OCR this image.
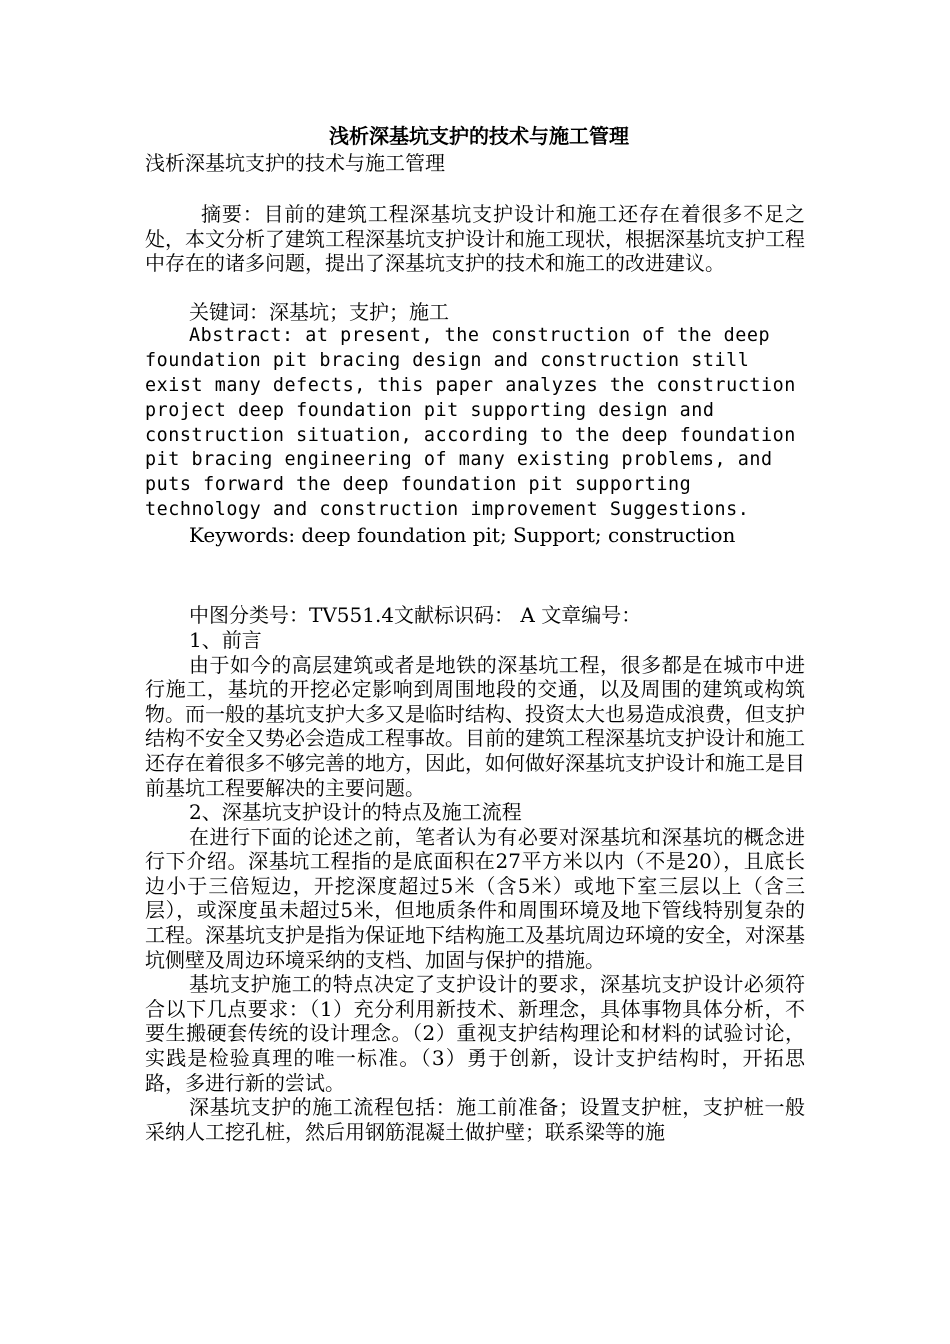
浅析深基坑支护的技术与施工管理

浅析深基坑支护的技术与施工管理

摘要：目前的建筑工程深基坑支护设计和施工还存在着很多不足之处，本文分析了建筑工程深基坑支护设计和施工现状，根据深基坑支护工程中存在的诸多问题，提出了深基坑支护的技术和施工的改进建议。

关键词：深基坑；支护；施工

Abstract: at present, the construction of the deep foundation pit bracing design and construction still exist many defects, this paper analyzes the construction project deep foundation pit supporting design and construction situation, according to the deep foundation pit bracing engineering of many existing problems, and puts forward the deep foundation pit supporting technology and construction improvement Suggestions.

Keywords: deep foundation pit; Support; construction

中图分类号：TV551.4文献标识码： A 文章编号：

1、前言

由于如今的高层建筑或者是地铁的深基坑工程，很多都是在城市中进行施工，基坑的开挖必定影响到周围地段的交通，以及周围的建筑或构筑物。而一般的基坑支护大多又是临时结构、投资太大也易造成浪费，但支护结构不安全又势必会造成工程事故。目前的建筑工程深基坑支护设计和施工还存在着很多不够完善的地方，因此，如何做好深基坑支护设计和施工是目前基坑工程要解决的主要问题。

2、深基坑支护设计的特点及施工流程

在进行下面的论述之前，笔者认为有必要对深基坑和深基坑的概念进行下介绍。深基坑工程指的是底面积在27平方米以内（不是20），且底长边小于三倍短边，开挖深度超过5米（含5米）或地下室三层以上（含三层），或深度虽未超过5米，但地质条件和周围环境及地下管线特别复杂的工程。深基坑支护是指为保证地下结构施工及基坑周边环境的安全，对深基坑侧壁及周边环境采纳的支档、加固与保护的措施。

基坑支护施工的特点决定了支护设计的要求，深基坑支护设计必须符合以下几点要求：（1）充分利用新技术、新理念，具体事物具体分析，不要生搬硬套传统的设计理念。（2）重视支护结构理论和材料的试验讨论，实践是检验真理的唯一标准。（3）勇于创新，设计支护结构时，开拓思路，多进行新的尝试。

深基坑支护的施工流程包括：施工前准备；设置支护桩，支护桩一般采纳人工挖孔桩，然后用钢筋混凝土做护壁；联系梁等的施
